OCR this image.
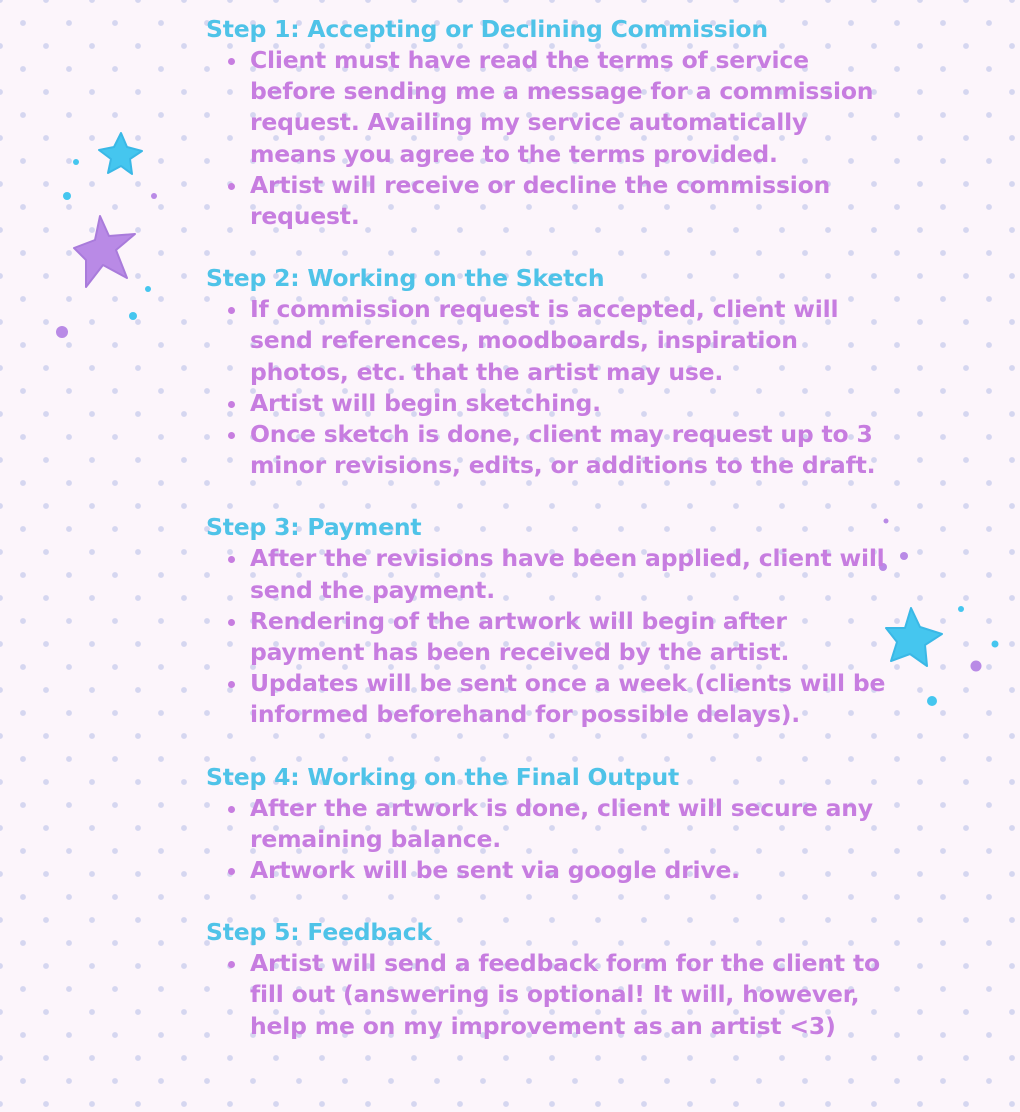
Step 1: Accepting or Declining Commission
Client must have read the terms of service before sending me a message for a commission request. Availing my service automatically means you agree to the terms provided.
Artist will receive or decline the commission request.
Step 2: Working on the Sketch
If commission request is accepted, client will send references, moodboards, inspiration photos, etc. that the artist may use.
Artist will begin sketching.
Once sketch is done, client may request up to 3 minor revisions, edits, or additions to the draft.
Step 3: Payment
After the revisions have been applied, client will send the payment.
Rendering of the artwork will begin after payment has been received by the artist.
Updates will be sent once a week (clients will be informed beforehand for possible delays).
Step 4: Working on the Final Output
After the artwork is done, client will secure any remaining balance.
Artwork will be sent via google drive.
Step 5: Feedback
Artist will send a feedback form for the client to fill out (answering is optional! It will, however, help me on my improvement as an artist <3)
